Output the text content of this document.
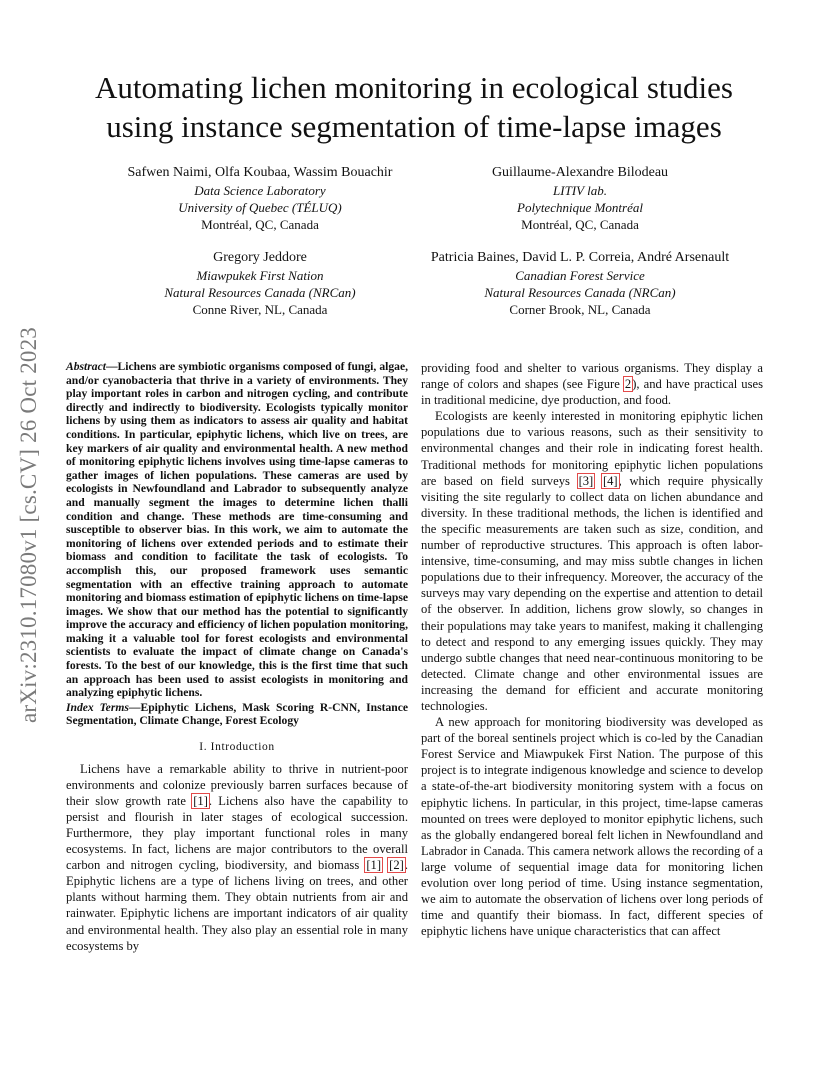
arXiv:2310.17080v1 [cs.CV] 26 Oct 2023
Automating lichen monitoring in ecological studies
using instance segmentation of time-lapse images
Safwen Naimi, Olfa Koubaa, Wassim Bouachir
Data Science Laboratory
University of Quebec (TÉLUQ)
Montréal, QC, Canada
Guillaume-Alexandre Bilodeau
LITIV lab.
Polytechnique Montréal
Montréal, QC, Canada
Gregory Jeddore
Miawpukek First Nation
Natural Resources Canada (NRCan)
Conne River, NL, Canada
Patricia Baines, David L. P. Correia, André Arsenault
Canadian Forest Service
Natural Resources Canada (NRCan)
Corner Brook, NL, Canada
Abstract—Lichens are symbiotic organisms composed of fungi, algae, and/or cyanobacteria that thrive in a variety of environments. They play important roles in carbon and nitrogen cycling, and contribute directly and indirectly to biodiversity. Ecologists typically monitor lichens by using them as indicators to assess air quality and habitat conditions. In particular, epiphytic lichens, which live on trees, are key markers of air quality and environmental health. A new method of monitoring epiphytic lichens involves using time-lapse cameras to gather images of lichen populations. These cameras are used by ecologists in Newfoundland and Labrador to subsequently analyze and manually segment the images to determine lichen thalli condition and change. These methods are time-consuming and susceptible to observer bias. In this work, we aim to automate the monitoring of lichens over extended periods and to estimate their biomass and condition to facilitate the task of ecologists. To accomplish this, our proposed framework uses semantic segmentation with an effective training approach to automate monitoring and biomass estimation of epiphytic lichens on time-lapse images. We show that our method has the potential to significantly improve the accuracy and efficiency of lichen population monitoring, making it a valuable tool for forest ecologists and environmental scientists to evaluate the impact of climate change on Canada's forests. To the best of our knowledge, this is the first time that such an approach has been used to assist ecologists in monitoring and analyzing epiphytic lichens.
Index Terms—Epiphytic Lichens, Mask Scoring R-CNN, Instance Segmentation, Climate Change, Forest Ecology
I. Introduction

Lichens have a remarkable ability to thrive in nutrient-poor environments and colonize previously barren surfaces because of their slow growth rate [1]. Lichens also have the capability to persist and flourish in later stages of ecological succession. Furthermore, they play important functional roles in many ecosystems. In fact, lichens are major contributors to the overall carbon and nitrogen cycling, biodiversity, and biomass [1] [2]. Epiphytic lichens are a type of lichens living on trees, and other plants without harming them. They obtain nutrients from air and rainwater. Epiphytic lichens are important indicators of air quality and environmental health. They also play an essential role in many ecosystems by

providing food and shelter to various organisms. They display a range of colors and shapes (see Figure 2), and have practical uses in traditional medicine, dye production, and food.

Ecologists are keenly interested in monitoring epiphytic lichen populations due to various reasons, such as their sensitivity to environmental changes and their role in indicating forest health. Traditional methods for monitoring epiphytic lichen populations are based on field surveys [3] [4], which require physically visiting the site regularly to collect data on lichen abundance and diversity. In these traditional methods, the lichen is identified and the specific measurements are taken such as size, condition, and number of reproductive structures. This approach is often labor-intensive, time-consuming, and may miss subtle changes in lichen populations due to their infrequency. Moreover, the accuracy of the surveys may vary depending on the expertise and attention to detail of the observer. In addition, lichens grow slowly, so changes in their populations may take years to manifest, making it challenging to detect and respond to any emerging issues quickly. They may undergo subtle changes that need near-continuous monitoring to be detected. Climate change and other environmental issues are increasing the demand for efficient and accurate monitoring technologies.

A new approach for monitoring biodiversity was developed as part of the boreal sentinels project which is co-led by the Canadian Forest Service and Miawpukek First Nation. The purpose of this project is to integrate indigenous knowledge and science to develop a state-of-the-art biodiversity monitoring system with a focus on epiphytic lichens. In particular, in this project, time-lapse cameras mounted on trees were deployed to monitor epiphytic lichens, such as the globally endangered boreal felt lichen in Newfoundland and Labrador in Canada. This camera network allows the recording of a large volume of sequential image data for monitoring lichen evolution over long period of time. Using instance segmentation, we aim to automate the observation of lichens over long periods of time and quantify their biomass. In fact, different species of epiphytic lichens have unique characteristics that can affect
